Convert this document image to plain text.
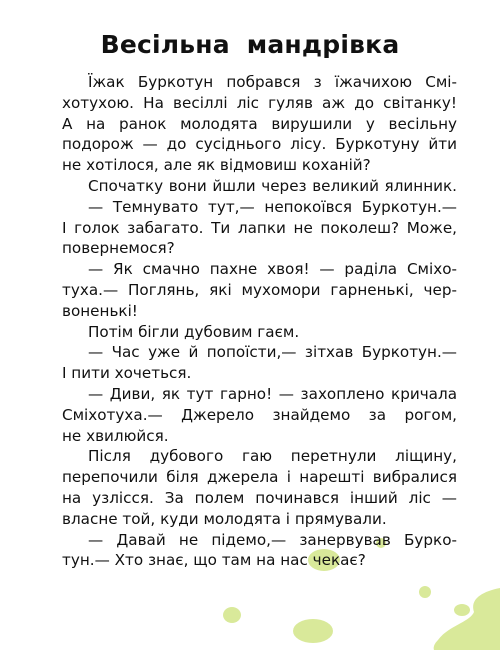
Весільна мандрівка
Їжак Буркотун побрався з їжачихою Смі-
хотухою. На весіллі ліс гуляв аж до світанку!
А на ранок молодята вирушили у весільну
подорож — до сусіднього лісу. Буркотуну йти
не хотілося, але як відмовиш коханій?
Спочатку вони йшли через великий ялинник.
— Темнувато тут,— непокоївся Буркотун.—
І голок забагато. Ти лапки не поколеш? Може,
повернемося?
— Як смачно пахне хвоя! — раділа Сміхо-
туха.— Поглянь, які мухомори гарненькі, чер-
воненькі!
Потім бігли дубовим гаєм.
— Час уже й попоїсти,— зітхав Буркотун.—
І пити хочеться.
— Диви, як тут гарно! — захоплено кричала
Сміхотуха.— Джерело знайдемо за рогом,
не хвилюйся.
Після дубового гаю перетнули ліщину,
перепочили біля джерела і нарешті вибралися
на узлісся. За полем починався інший ліс —
власне той, куди молодята і прямували.
— Давай не підемо,— занервував Бурко-
тун.— Хто знає, що там на нас чекає?
